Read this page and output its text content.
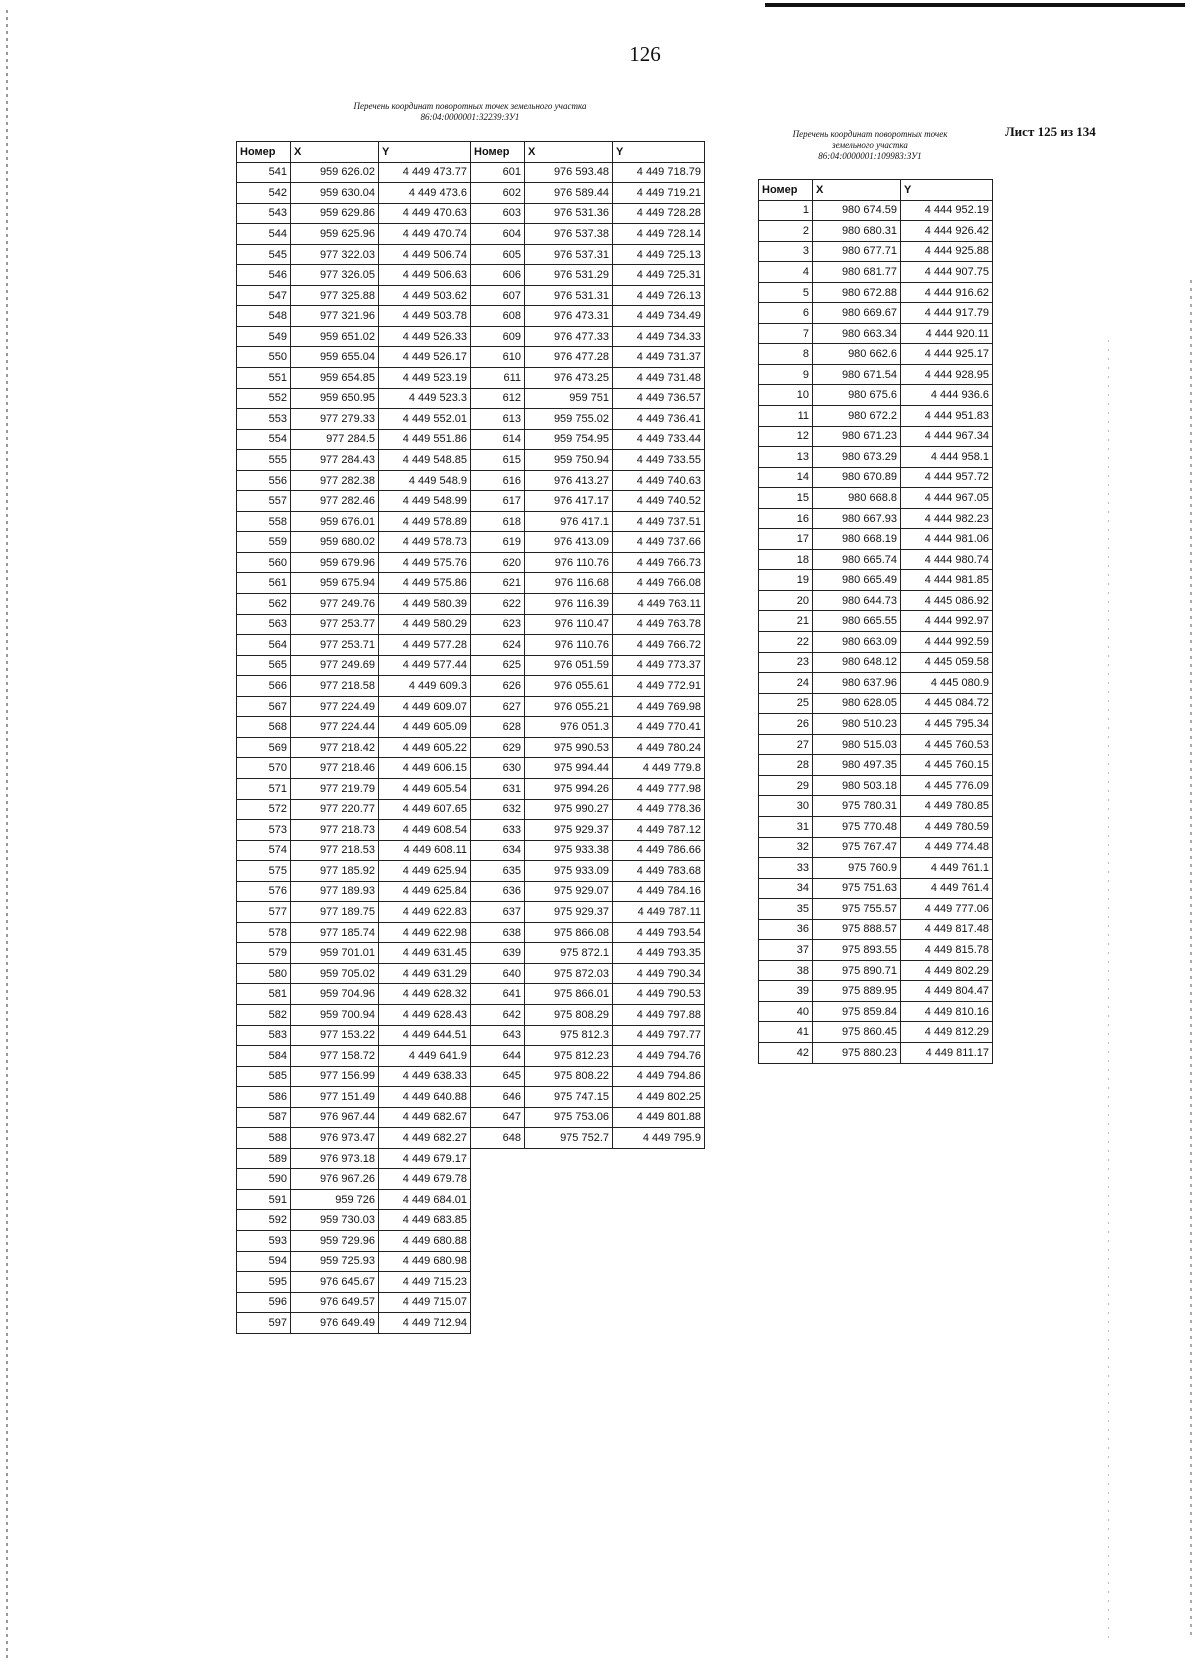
126
Перечень координат поворотных точек земельного участка
86:04:0000001:32239:ЗУ1
Перечень координат поворотных точек
земельного участка
86:04:0000001:109983:ЗУ1
Лист 125 из 134
Номер	X	Y
541	959 626.02	4 449 473.77
542	959 630.04	4 449 473.6
543	959 629.86	4 449 470.63
544	959 625.96	4 449 470.74
545	977 322.03	4 449 506.74
546	977 326.05	4 449 506.63
547	977 325.88	4 449 503.62
548	977 321.96	4 449 503.78
549	959 651.02	4 449 526.33
550	959 655.04	4 449 526.17
551	959 654.85	4 449 523.19
552	959 650.95	4 449 523.3
553	977 279.33	4 449 552.01
554	977 284.5	4 449 551.86
555	977 284.43	4 449 548.85
556	977 282.38	4 449 548.9
557	977 282.46	4 449 548.99
558	959 676.01	4 449 578.89
559	959 680.02	4 449 578.73
560	959 679.96	4 449 575.76
561	959 675.94	4 449 575.86
562	977 249.76	4 449 580.39
563	977 253.77	4 449 580.29
564	977 253.71	4 449 577.28
565	977 249.69	4 449 577.44
566	977 218.58	4 449 609.3
567	977 224.49	4 449 609.07
568	977 224.44	4 449 605.09
569	977 218.42	4 449 605.22
570	977 218.46	4 449 606.15
571	977 219.79	4 449 605.54
572	977 220.77	4 449 607.65
573	977 218.73	4 449 608.54
574	977 218.53	4 449 608.11
575	977 185.92	4 449 625.94
576	977 189.93	4 449 625.84
577	977 189.75	4 449 622.83
578	977 185.74	4 449 622.98
579	959 701.01	4 449 631.45
580	959 705.02	4 449 631.29
581	959 704.96	4 449 628.32
582	959 700.94	4 449 628.43
583	977 153.22	4 449 644.51
584	977 158.72	4 449 641.9
585	977 156.99	4 449 638.33
586	977 151.49	4 449 640.88
587	976 967.44	4 449 682.67
588	976 973.47	4 449 682.27
589	976 973.18	4 449 679.17
590	976 967.26	4 449 679.78
591	959 726	4 449 684.01
592	959 730.03	4 449 683.85
593	959 729.96	4 449 680.88
594	959 725.93	4 449 680.98
595	976 645.67	4 449 715.23
596	976 649.57	4 449 715.07
597	976 649.49	4 449 712.94
Номер	X	Y
601	976 593.48	4 449 718.79
602	976 589.44	4 449 719.21
603	976 531.36	4 449 728.28
604	976 537.38	4 449 728.14
605	976 537.31	4 449 725.13
606	976 531.29	4 449 725.31
607	976 531.31	4 449 726.13
608	976 473.31	4 449 734.49
609	976 477.33	4 449 734.33
610	976 477.28	4 449 731.37
611	976 473.25	4 449 731.48
612	959 751	4 449 736.57
613	959 755.02	4 449 736.41
614	959 754.95	4 449 733.44
615	959 750.94	4 449 733.55
616	976 413.27	4 449 740.63
617	976 417.17	4 449 740.52
618	976 417.1	4 449 737.51
619	976 413.09	4 449 737.66
620	976 110.76	4 449 766.73
621	976 116.68	4 449 766.08
622	976 116.39	4 449 763.11
623	976 110.47	4 449 763.78
624	976 110.76	4 449 766.72
625	976 051.59	4 449 773.37
626	976 055.61	4 449 772.91
627	976 055.21	4 449 769.98
628	976 051.3	4 449 770.41
629	975 990.53	4 449 780.24
630	975 994.44	4 449 779.8
631	975 994.26	4 449 777.98
632	975 990.27	4 449 778.36
633	975 929.37	4 449 787.12
634	975 933.38	4 449 786.66
635	975 933.09	4 449 783.68
636	975 929.07	4 449 784.16
637	975 929.37	4 449 787.11
638	975 866.08	4 449 793.54
639	975 872.1	4 449 793.35
640	975 872.03	4 449 790.34
641	975 866.01	4 449 790.53
642	975 808.29	4 449 797.88
643	975 812.3	4 449 797.77
644	975 812.23	4 449 794.76
645	975 808.22	4 449 794.86
646	975 747.15	4 449 802.25
647	975 753.06	4 449 801.88
648	975 752.7	4 449 795.9
Номер	X	Y
1	980 674.59	4 444 952.19
2	980 680.31	4 444 926.42
3	980 677.71	4 444 925.88
4	980 681.77	4 444 907.75
5	980 672.88	4 444 916.62
6	980 669.67	4 444 917.79
7	980 663.34	4 444 920.11
8	980 662.6	4 444 925.17
9	980 671.54	4 444 928.95
10	980 675.6	4 444 936.6
11	980 672.2	4 444 951.83
12	980 671.23	4 444 967.34
13	980 673.29	4 444 958.1
14	980 670.89	4 444 957.72
15	980 668.8	4 444 967.05
16	980 667.93	4 444 982.23
17	980 668.19	4 444 981.06
18	980 665.74	4 444 980.74
19	980 665.49	4 444 981.85
20	980 644.73	4 445 086.92
21	980 665.55	4 444 992.97
22	980 663.09	4 444 992.59
23	980 648.12	4 445 059.58
24	980 637.96	4 445 080.9
25	980 628.05	4 445 084.72
26	980 510.23	4 445 795.34
27	980 515.03	4 445 760.53
28	980 497.35	4 445 760.15
29	980 503.18	4 445 776.09
30	975 780.31	4 449 780.85
31	975 770.48	4 449 780.59
32	975 767.47	4 449 774.48
33	975 760.9	4 449 761.1
34	975 751.63	4 449 761.4
35	975 755.57	4 449 777.06
36	975 888.57	4 449 817.48
37	975 893.55	4 449 815.78
38	975 890.71	4 449 802.29
39	975 889.95	4 449 804.47
40	975 859.84	4 449 810.16
41	975 860.45	4 449 812.29
42	975 880.23	4 449 811.17
